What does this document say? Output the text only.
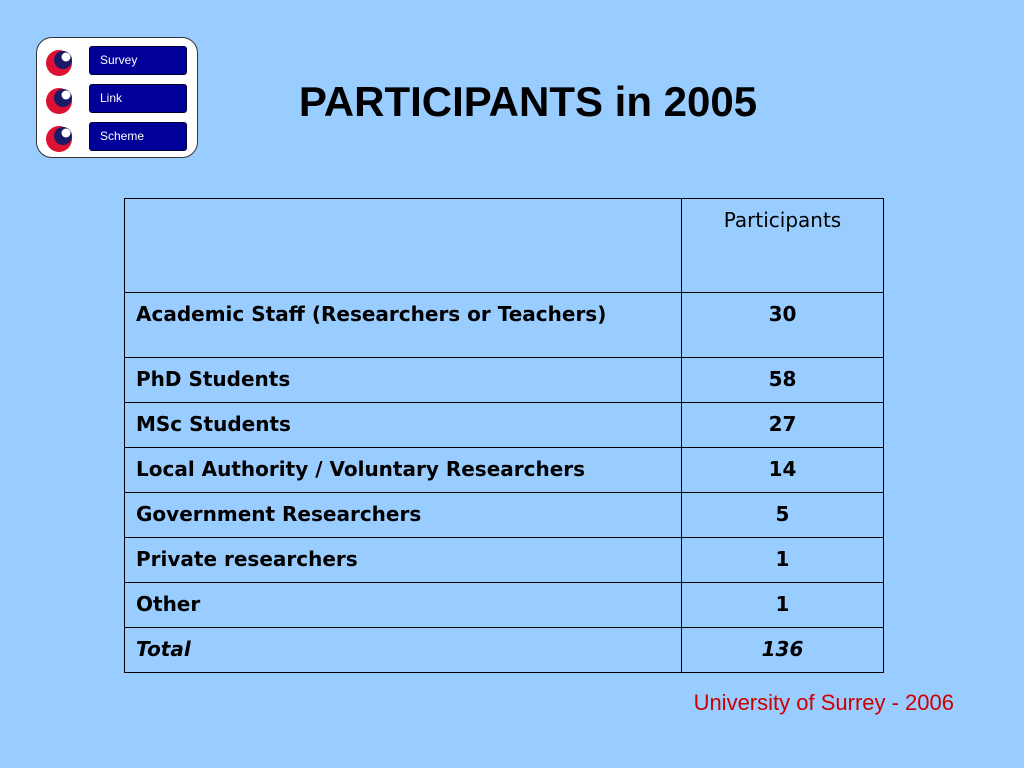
Survey
Link
Scheme
PARTICIPANTS in 2005
	Participants
Academic Staff (Researchers or Teachers)	30
PhD Students	58
MSc Students	27
Local Authority / Voluntary Researchers	14
Government Researchers	5
Private researchers	1
Other	1
Total	136
University of Surrey - 2006
